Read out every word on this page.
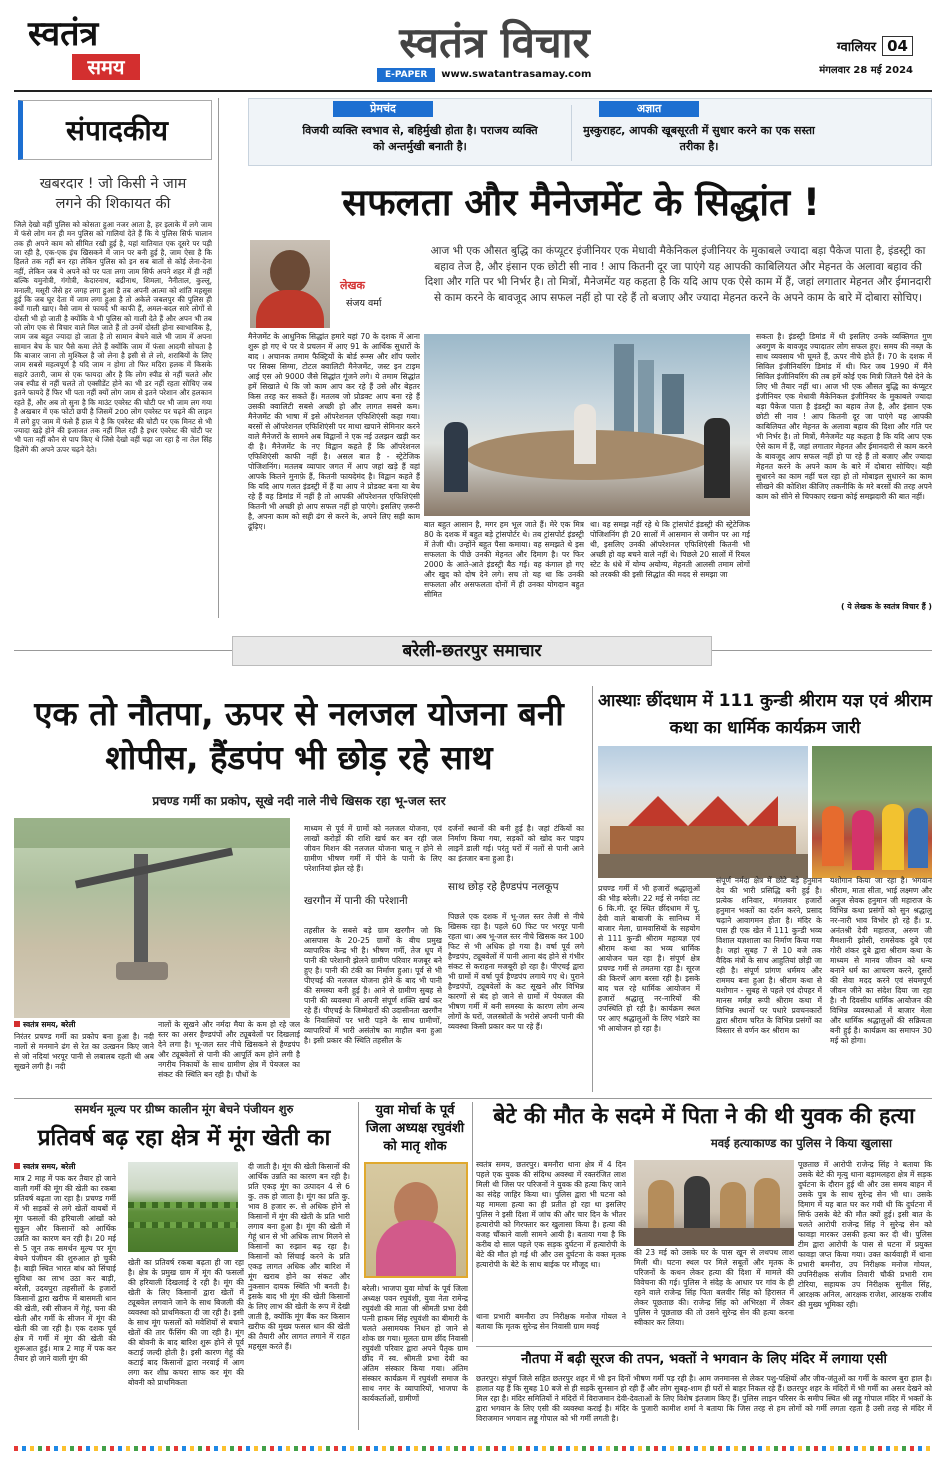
स्वतंत्र
समय	स्वतंत्र विचार
E-PAPER	www.swatantrasamay.com
ग्वालियर 04
मंगलवार 28 मई 2024
संपादकीय
खबरदार ! जो किसी ने जाम लगने की शिकायत की
जिले देखो वहीं पुलिस को कोसता हुआ नजर आता है, हर इलाके में लगे जाम में फंसे लोग मन ही मन पुलिस को गालियां देते हैं कि ये पुलिस सिर्फ चालान तक ही अपने काम को सीमित रखी हुई है, यहां यातियात एक दूसरे पर पड़ी जा रही है, एक-एक इंच खिसकने में जान पर बनी हुई है, जाम ऐसा है कि हिलते तक नहीं बन रहा लेकिन पुलिस को इन सब बातों से कोई लेना-देना नहीं, लेकिन जब ये अपने को पर पता लगा जाम सिर्फ अपने शहर में ही नहीं बल्कि यमुनोत्री, गंगोत्री, केदारनाथ, बद्रीनाथ, शिमला, नैनीताल, कुल्लू, मनाली, मसूरी जैसे हर जगह लगा हुआ है तब अपनी आत्मा को शांति महसूस हुई कि जब घूर देता में जाम लगा हुआ है तो अकेले जबलपुर की पुलिस ही क्यों गाली खाए। वैसे जाम से फायदे भी काफी हैं, अमल-बदल सारे लोगों से दोस्ती भी हो जाती है क्योंकि वे भी पुलिस को गाली देते हैं और अपन भी तब जो लोग एक से विचार वाले मिल जाते हैं तो उनमें दोस्ती होना स्वाभाविक है, जाम जब बहुत ज्यादा हो जाता है तो सामान बेचने वाले भी जाम में अपना सामान बेच के चार पैसे कमा लेते हैं क्योंकि जाम में फंसा आदमी सोचता है कि बाजार जाना तो मुश्किल है जो लेना है इसी से ले लो, शराबियों के लिए जाम सबसे महत्वपूर्ण है यदि जाम न होगा तो फिर मदिरा हलक में किसके सहारे उतारी, जाम से एक फायदा और है कि लोग स्पीड से नहीं चलते और जब स्पीड से नहीं चलते तो एक्सीडेंट होने का भी डर नहीं रहता सोचिए जब इतने फायदे हैं फिर भी पता नहीं क्यों लोग जाम से इतने परेशान और हलकान रहते हैं, और अब तो सुना है कि माउंट एवरेस्ट की चोटी पर भी जाम लग गया है अखबार में एक फोटो छपी है जिसमें 200 लोग एवरेस्ट पर चढ़ने की लाइन में लगे हुए जाम में फंसे हैं हाल ये है कि एवरेस्ट की चोटी पर एक मिनट से भी ज्यादा खड़े होने की इजाजत तक नहीं मिल रही है इधर एवरेस्ट की चोटी पर भी पता नहीं कौन से पाप किए थे जिसे देखो वहीं चढ़ा जा रहा है ना तेल सिंह हिलेंगे की अपने ऊपर चढ़ने देते।
प्रेमचंद
विजयी व्यक्ति स्वभाव से, बहिर्मुखी होता है। पराजय व्यक्ति को अन्तर्मुखी बनाती है।
अज्ञात
मुस्कुराहट, आपकी खूबसूरती में सुधार करने का एक सस्ता तरीका है।
सफलता और मैनेजमेंट के सिद्धांत !
लेखक
संजय वर्मा
आज भी एक औसत बुद्धि का कंप्यूटर इंजीनियर एक मेधावी मैकेनिकल इंजीनियर के मुकाबले ज्यादा बड़ा पैकेज पाता है, इंडस्ट्री का बहाव तेज है, और इंसान एक छोटी सी नाव ! आप कितनी दूर जा पाएंगे यह आपकी काबिलियत और मेहनत के अलावा बहाव की दिशा और गति पर भी निर्भर है। तो मित्रों, मैनेजमेंट यह कहता है कि यदि आप एक ऐसे काम में हैं, जहां लगातार मेहनत और ईमानदारी से काम करने के बावजूद आप सफल नहीं हो पा रहे हैं तो बजाए और ज्यादा मेहनत करने के अपने काम के बारे में दोबारा सोचिए।
मैनेजमेंट के आधुनिक सिद्धांत हमारे यहां 70 के दशक में आना शुरू हो गए थे पर वे प्रचलन में आए 91 के आर्थिक सुधारों के बाद । अचानक तमाम फैक्ट्रियों के बोर्ड रूम्स और शॉप फ्लोर पर सिक्स सिग्मा, टोटल क्वालिटी मैनेजमेंट, जस्ट इन टाइम आई एस ओ 9000 जैसे सिद्धांत गूंजने लगे। ये तमाम सिद्धांत हमें सिखाते थे कि जो काम आप कर रहे हैं उसे और बेहतर किस तरह कर सकते हैं। मतलब जो प्रोडक्ट आप बना रहे हैं उसकी क्वालिटी सबसे अच्छी हो और लागत सबसे कम। मैनेजमेंट की भाषा में इसे ऑपरेशनल एफिशिएंसी कहा गया। बरसों से ऑपरेशनल एफिशिएंसी पर माथा खपाने सेमिनार करने वाले मैनेजरों के सामने अब विद्वानों ने एक नई उलझन खड़ी कर दी है। मैनेजमेंट के नए विद्वान कहते हैं कि ऑपरेशनल एफिशिएंसी काफी नहीं है। असल बात है - स्ट्रेटेजिक पोजिशनिंग। मतलब व्यापार जगत में आप जहां खड़े हैं वहां आपके कितने मुनाफ़े हैं, कितनी फायदेमंद है। विद्वान कहते हैं कि यदि आप गलत इंडस्ट्री में हैं या आप ने प्रोडक्ट बना या बेच रहे हैं वह डिमांड में नहीं है तो आपकी ऑपरेशनल एफिशिएंसी कितनी भी अच्छी हो आप सफल नहीं हो पाएंगे। इसलिए ज़रूरी है, अपना काम को सही ढंग से करने के, अपने लिए सही काम ढूंढ़िए।	बात बहुत आसान है, मगर हम भूल जाते हैं। मेरे एक मित्र 80 के दशक में बहुत बड़े ट्रांसपोर्टर थे। तब ट्रांसपोर्ट इंडस्ट्री में तेजी थी। उन्होंने बहुत पैसा कमाया। वह समझते थे इस सफलता के पीछे उनकी मेहनत और दिमाग है। पर फिर 2000 के आते-आते इंडस्ट्री बैठ गई। वह कंगाल हो गए और खुद को दोष देने लगे। सच तो यह था कि उनकी सफलता और असफलता दोनों में ही उनका योगदान बहुत सीमित
था। वह समझ नहीं रहे थे कि ट्रांसपोर्ट इंडस्ट्री की स्ट्रेटेजिक पोजिशनिंग ही 20 सालों में आसमान से जमीन पर आ गई थी, इसलिए उनकी ऑपरेशनल एफिशिएंसी कितनी भी अच्छी हो वह बचने वाले नहीं थे। पिछले 20 सालों में रियल स्टेट के धंधे में योग्य अयोग्य, मेहनती आलसी तमाम लोगों को तरक्की की इसी सिद्धांत की मदद से समझा जा
सकता है। इंडस्ट्री डिमांड में थी इसलिए उनके व्यक्तिगत गुण अवगुण के बावजूद ज्यादातर लोग सफल हुए। समय की नब्ज़ के साथ व्यवसाय भी घूमते हैं, ऊपर नीचे होते हैं। 70 के दशक में सिविल इंजीनियरिंग डिमांड में थी। फिर जब 1990 में मैंने सिविल इंजीनियरिंग की तब हमें कोई एक मित्री जितने पैसे देने के लिए भी तैयार नहीं था। आज भी एक औसत बुद्धि का कंप्यूटर इंजीनियर एक मेधावी मैकेनिकल इंजीनियर के मुकाबले ज्यादा बड़ा पैकेज पाता है इंडस्ट्री का बहाव तेज है, और इंसान एक छोटी सी नाव ! आप कितनी दूर जा पाएंगे यह आपकी काबिलियत और मेहनत के अलावा बहाव की दिशा और गति पर भी निर्भर है। तो मित्रों, मैनेजमेंट यह कहता है कि यदि आप एक ऐसे काम में हैं, जहां लगातार मेहनत और ईमानदारी से काम करने के बावजूद आप सफल नहीं हो पा रहे हैं तो बजाए और ज्यादा मेहनत करने के अपने काम के बारे में दोबारा सोचिए। यही सुधारने का काम नहीं चल रहा हो तो मोबाइल सुधारने का काम सीखने की कोशिश कीजिए तकनीकि के मरे बरसों की तरह अपने काम को सीने से चिपकाए रखना कोई समझदारी की बात नहीं।
( ये लेखक के स्वतंत्र विचार हैं )
बरेली-छतरपुर समाचार
एक तो नौतपा, ऊपर से नलजल योजना बनी शोपीस, हैंडपंप भी छोड़ रहे साथ
प्रचण्ड गर्मी का प्रकोप, सूखे नदी नाले नीचे खिसक रहा भू-जल स्तर
स्वतंत्र समय, बरेली
निरंतर प्रचण्ड गर्मी का प्रकोप बना हुआ है। नदी नालों से मनमाने ढंग से रेत का उत्खनन किए जाने से जो नदियां भरपूर पानी से लबालब रहती थी अब सूखने लगी है। नदी
नालों के सूखने और नर्मदा मैया के कम हो रहे जल स्तर का असर हैण्डपंपों और ट्यूबवेलों पर दिखलाई देने लगा है। भू-जल स्तर नीचे खिसकने से हैण्डपंप और ट्यूबवेलों से पानी की आपूर्ति कम होने लगी है नगरीय निकायों के साथ ग्रामीण क्षेत्र में पेयजल का संकट की स्थिति बन रही है। पौधों के
माध्यम से पूर्व में ग्रामों को नलजल योजना, एवं लाखों करोड़ों की राशि खर्च कर बन रही जल जीवन मिशन की नलजल योजना चालू न होने से ग्रामीण भीषण गर्मी में पीने के पानी के लिए परेशानियां झेल रहे हैं।
खरगौन में पानी की परेशानी
तहसील के सबसे बड़े ग्राम खरगौन जो कि आसपास के 20-25 ग्रामों के बीच प्रमुख व्यापारिक केन्द्र भी है। भीषण गर्मी, तेज धूप में पानी की परेशानी झेलने ग्रामीण परिवार मजबूर बने हुए है। पानी की टंकी का निर्माण हुआ। पूर्व से भी पीएचई की नलजल योजना होने के बाद भी पानी की समस्या बनी हुई है। आने से ग्रामीण सुबह से पानी की व्यवस्था में अपनी संपूर्ण शक्ति खर्च कर रहे हैं। पीएचई के जिम्मेदारों की उदासीनता खरगौन के निवासियों पर भारी पड़ने के साथ ग्रामीणों, व्यापारियों में भारी असंतोष का माहौल बना हुआ है। इसी प्रकार की स्थिति तहसील के
दर्जनों स्थानों की बनी हुई है। जहां टंकियों का निर्माण किया गया, सड़कों को खोद कर पाइप लाइनें डाली गई। परंतु घरों में नलों से पानी आने का इंतजार बना हुआ है।
साथ छोड़ रहे हैण्डपंप नलकूप
पिछले एक दशक में भू-जल स्तर तेजी से नीचे खिसक रहा है। पहले 60 फिट पर भरपूर पानी रहता था। अब भू-जल स्तर नीचे खिसक कर 100 फिट से भी अधिक हो गया है। वर्षा पूर्व लगे हैण्डपंप, ट्यूबवेलों में पानी आना बंद होने से गंभीर संकट से कराहना मजबूरी हो रहा है। पीएचई द्वारा भी ग्रामों में वर्षा पूर्व हैण्डपंप लगाये गए थे। पुराने हैण्डपंपों, ट्यूबवेलों के कट सूखने और विभिन्न कारणों से बंद हो जाने से ग्रामों में पेयजल की भीषण गर्मी में बनी समस्या के कारण लोग अन्य लोगों के घरों, जलस्त्रोतों के भरोसे अपनी पानी की व्यवस्था किसी प्रकार कर पा रहे हैं।
आस्थाः छींदधाम में 111 कुन्डी श्रीराम यज्ञ एवं श्रीराम कथा का धार्मिक कार्यक्रम जारी
प्रचण्ड गर्मी में भी हजारों श्रद्धालुओं की भीड़ बरेली। 22 मई से नर्मदा तट 6 कि.मी. दूर स्थित छींदधाम में पू. देवी वाले बाबाजी के सानिध्य में बाजार मेला, ग्रामवासियों के सहयोग से 111 कुन्डी श्रीराम महायज्ञ एवं श्रीराम कथा का भव्य धार्मिक आयोजन चल रहा है। संपूर्ण क्षेत्र प्रचण्ड गर्मी से तमतमा रहा है। सूरज की किरणें आग बरसा रही है। इसके बाद चल रहे धार्मिक आयोजन में हजारों श्रद्धालु नर-नारियों की उपस्थिति हो रही है। कार्यक्रम स्थल पर आए श्रद्धालुओं के लिए भंडारे का भी आयोजन हो रहा है।
संपूर्ण नर्मदा क्षेत्र में छोटे बड़े हनुमान देव की भारी प्रसिद्धि बनी हुई है। प्रत्येक शनिवार, मंगलवार हजारों हनुमान भक्तों का दर्शन करने, प्रसाद चढ़ाने आवागमन होता है। मंदिर के पास ही एक खेत में 111 कुन्डी भव्य विशाल यज्ञशाला का निर्माण किया गया है। जहां सुबह 7 से 10 बजे तक वैदिक मंत्रों के साथ आहुतियां छोड़ी जा रही है। संपूर्ण प्रांगण धर्ममय और राममय बना हुआ है। श्रीराम कथा से यशोगान - सुबह से पहले एवं दोपहर में मानस मर्मज्ञ रूपी श्रीराम कथा में विभिन्न स्थानों पर पधारे प्रवचनकारों द्वारा श्रीराम चरित के विभिन्न प्रसंगों का विस्तार से वर्णन कर श्रीराम का
यशोगान किया जा रहा है। भगवान श्रीराम, माता सीता, भाई लक्ष्मण और अनुज सेवक हनुमान जी महाराज के विभिन्न कथा प्रसंगों को सुन श्रद्धालु नर-नारी भाव विभोर हो रहे हैं। प्र. अनंतश्री देवी महाराज, अरुण जी मैमशानी झोसी, रामसेवक दुबे एवं गोरी शंकर दुबे द्वारा श्रीराम कथा के माध्यम से मानव जीवन को धन्य बनाने धर्म का आचरण करने, दूसरों की सेवा मदद करने एवं संयमपूर्ण जीवन जीने का संदेश दिया जा रहा है। नौ दिवसीय धार्मिक आयोजन की विभिन्न व्यवस्थाओं में बाजार मेला और धार्मिक श्रद्धालुओं की सक्रियता बनी हुई है। कार्यक्रम का समापन 30 मई को होगा।
समर्थन मूल्य पर ग्रीष्म कालीन मूंग बेचने पंजीयन शुरु
प्रतिवर्ष बढ़ रहा क्षेत्र में मूंग खेती का
स्वतंत्र समय, बरेली
मात्र 2 माह में पक कर तैयार हो जाने वाली गर्मी की मूंग की खेती का रकबा प्रतिवर्ष बढ़ता जा रहा है। प्रचण्ड गर्मी में भी सड़कों से लगे खेतों वायबों में मूंग फसलों की हरियाली आंखों को सुकून और किसानों को आर्थिक उन्नति का कारण बन रही है। 20 मई से 5 जून तक समर्थन मूल्य पर मूंग बेचने पंजीयन की शुरुआत हो चुकी है। बाड़ी स्थित भारत बांध को सिंचाई सुविधा का लाभ उठा कर बाड़ी, बरेली, उदयपुरा तहसीलों के हजारों किसानों द्वारा खरीफ में बासमती धान की खेती, रबी सीजन में गेहूं, चना की खेती और गर्मी के सीजन में मूंग की खेती की जा रही है। एक दशक पूर्व क्षेत्र में गर्मी में मूंग की खेती की शुरूआत हुई। मात्र 2 माह में पक कर तैयार हो जाने वाली मूंग की
खेती का प्रतिवर्ष रकबा बढ़ता ही जा रहा है। क्षेत्र के प्रमुख ग्राम में मूंग की फसलों की हरियाली दिखलाई दे रही है। मूंग की खेती के लिए किसानों द्वारा खेतों में ट्यूबवेल लगवाने जाने के साथ बिजली की व्यवस्था को प्राथमिकता दी जा रही है। इसी के साथ मूंग फसलों को मवेशियों से बचाने खेतों की तार फैंसिंग की जा रही है। मूंग की बोवनी के बाद बारिश शुरू होने से पूर्व कटाई जल्दी होती है। इसी कारण गेहूं की कटाई बाद किसानों द्वारा नरवाई में आग लगा कर शीघ्र कचरा साफ कर मूंग की बोवनी को प्राथमिकता
दी जाती है। मूंग की खेती किसानों की आर्थिक उन्नति का कारण बन रही है। प्रति एकड़ मूंग का उत्पादन 4 से 6 कु. तक हो जाता है। मूंग का प्रति कु. भाव 8 हजार रू. से अधिक होने से किसानों में मूंग की खेती के प्रति भारी लगाव बना हुआ है। मूंग की खेती में गेहूं धान से भी अधिक लाभ मिलने से किसानों का रुझान बढ़ रहा है। किसानों को सिंचाई करने के प्रति एकड़ लागत अधिक और बारिश में मूंग खराब होने का संकट और नुकसान दायक स्थिति भी बनती है। इसके बाद भी मूंग की खेती किसानों के लिए लाभ की खेती के रूप में देखी जाती है, क्योंकि मूंग बैंक कर किसान खरीफ की मुख्य फसल धान की खेती की तैयारी और लागत लगाने में राहत महसूस करते हैं।
युवा मोर्चा के पूर्व जिला अध्यक्ष रघुवंशी को मातृ शोक
बरेली। भाजपा युवा मोर्चा के पूर्व जिला अध्यक्ष पवन रघुवंशी, युवा नेता रामेन्द्र रघुवंशी की माता जी श्रीमती प्रभा देवी पत्नी हाकम सिंह रघुवंशी का बीमारी के चलते असामयक निधन हो जाने से शोक छा गया। मूलतः ग्राम छींद निवासी रघुवंशी परिवार द्वारा अपने पैतृक ग्राम छींद में स्व. श्रीमती प्रभा देवी का अंतिम संस्कार किया गया। अंतिम संस्कार कार्यक्रम में रघुवंशी समाज के साथ नगर के व्यापारियों, भाजपा के कार्यकर्ताओं, ग्रामीणों
बेटे की मौत के सदमे में पिता ने की थी युवक की हत्या
मवई हत्याकाण्ड का पुलिस ने किया खुलासा
स्वतंत्र समय, छतरपुर। बमनौरा थाना क्षेत्र में 4 दिन पहले एक युवक की संदिग्ध अवस्था में रक्तरंजित लाश मिली थी जिस पर परिजनों ने युवक की हत्या किए जाने का संदेह जाहिर किया था। पुलिस द्वारा भी घटना को यह मामला हत्या का ही प्रतीत हो रहा था इसलिए पुलिस ने इसी दिशा में जांच की और चार दिन के भीतर हत्यारोपी को गिरफ्तार कर खुलासा किया है। हत्या की वजह चौंकाने वाली सामने आयी है। बताया गया है कि करीब दो साल पहले एक सड़क दुर्घटना में हत्यारोपी के बेटे की मौत हो गई थी और उस दुर्घटना के वक्त मृतक हत्यारोपी के बेटे के साथ बाईक पर मौजूद था।
थाना प्रभारी बमनौरा उप निरीक्षक मनोज गोयल ने बताया कि मृतक सुरेन्द्र सेन निवासी ग्राम मवई
की 23 मई को उसके घर के पास खून से लथपथ लाश मिली थी। घटना स्थल पर मिले सबूतों और मृतक के परिजनों के कथन लेकर हत्या की दिशा में मामले की विवेचना की गई। पुलिस ने संदेह के आधार पर गांव के ही रहने वाले राजेन्द्र सिंह पिता बलवीर सिंह को हिरासत में लेकर पूछताछ की। राजेन्द्र सिंह को अभिरक्षा में लेकर पुलिस ने पूछताछ की तो उसने सुरेन्द्र सेन की हत्या करना स्वीकार कर लिया।
पूछताछ में आरोपी राजेन्द्र सिंह ने बताया कि उसके बेटे की मृत्यु थाना बड़ामलहरा क्षेत्र में सड़क दुर्घटना के दौरान हुई थी और उस समय बाहन में उसके पुत्र के साथ सुरेन्द्र सेन भी था। उसके दिमाग में यह बात घर कर गयी थी कि दुर्घटना में सिर्फ उसके बेटे की मौत क्यों हुई। इसी बात के चलते आरोपी राजेन्द्र सिंह ने सुरेन्द्र सेन को फावड़ा मारकर उसकी हत्या कर दी थी। पुलिस टीम द्वारा आरोपी के पास से घटना में प्रयुक्त फावड़ा जप्त किया गया। उक्त कार्यवाही में थाना प्रभारी बमनौरा, उप निरीक्षक मनोज गोयल, उपनिरीक्षक संजीव तिवारी चौकी प्रभारी राम टोरिया, सहायक उप निरीक्षक सुनील सिंह, आरक्षक अनिल, आरक्षक राजेश, आरक्षक राजीव की मुख्य भूमिका रही।
नौतपा में बढ़ी सूरज की तपन, भक्तों ने भगवान के लिए मंदिर में लगाया एसी
छतरपुर। संपूर्ण जिले सहित छतरपुर शहर में भी इन दिनों भीषण गर्मी पड़ रही है। आम जनमानस से लेकर पशु-पक्षियों और जीव-जंतुओं का गर्मी के कारण बुरा हाल है। हालात यह हैं कि सुबह 10 बजे से ही सड़कें सुनसान हो रही हैं और लोग सुबह-शाम ही घरों से बाहर निकल रहे हैं। छतरपुर शहर के मंदिरों में भी गर्मी का असर देखने को मिल रहा है। मंदिर समितियों ने मंदिरों में विराजमान देवी-देवताओं के लिए विशेष इंतजाम किए हैं। पुलिस लाइन परिसर के समीप स्थित श्री लड्डू गोपाल मंदिर में भक्तों के द्वारा भगवान के लिए एसी की व्यवस्था कराई है। मंदिर के पुजारी कामीश शर्मा ने बताया कि जिस तरह से हम लोगों को गर्मी लगता रहता है उसी तरह से मंदिर में विराजमान भगवान लड्डू गोपाल को भी गर्मी लगती है।
